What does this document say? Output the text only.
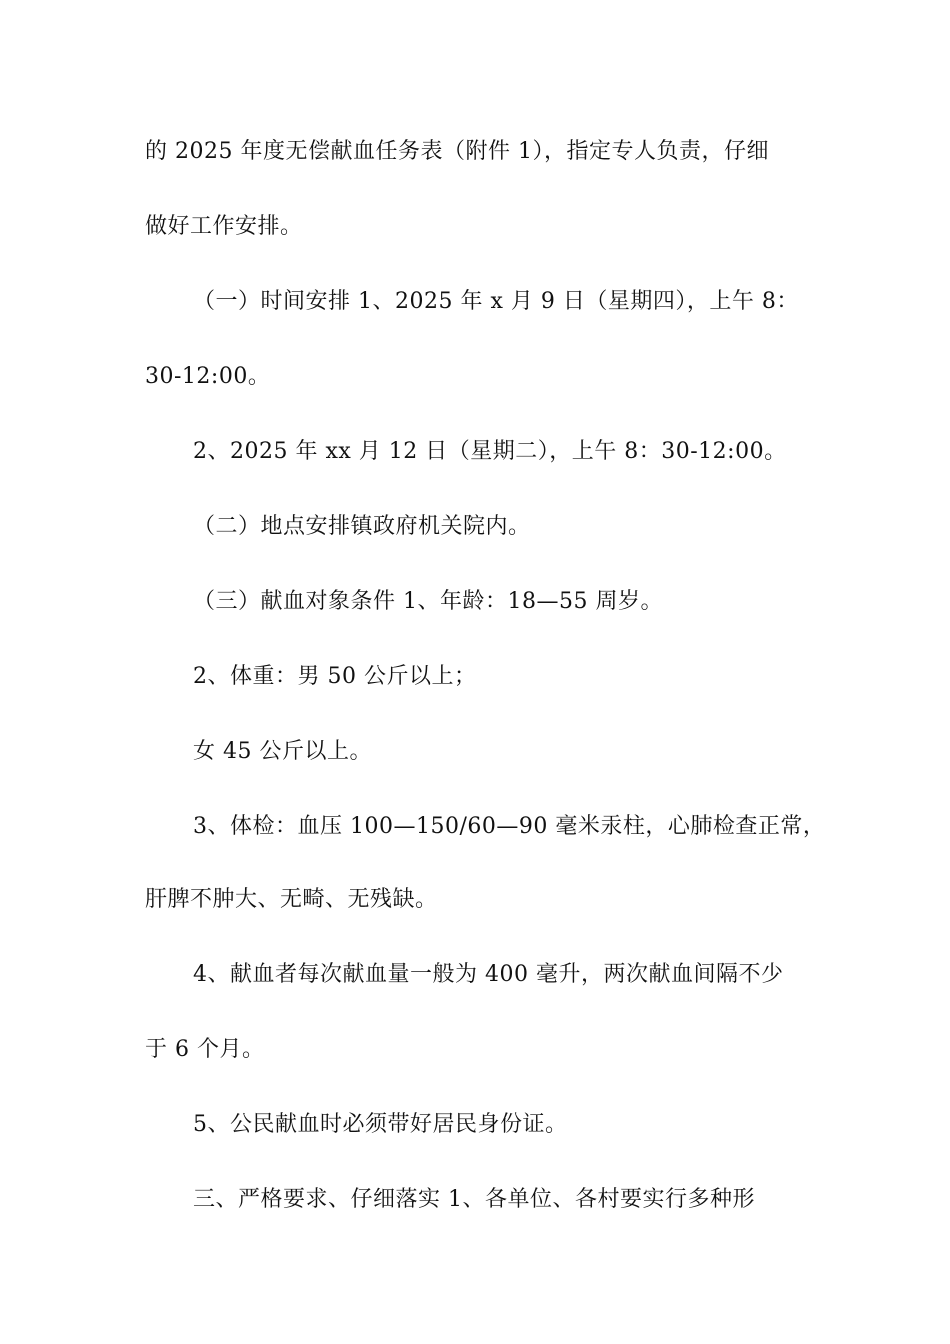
的 2025 年度无偿献血任务表（附件 1），指定专人负责，仔细
做好工作安排。
（一）时间安排 1、2025 年 x 月 9 日（星期四），上午 8：
30-12:00。
2、2025 年 xx 月 12 日（星期二），上午 8：30-12:00。
（二）地点安排镇政府机关院内。
（三）献血对象条件 1、年龄：18—55 周岁。
2、体重：男 50 公斤以上；
女 45 公斤以上。
3、体检：血压 100—150/60—90 毫米汞柱，心肺检查正常，
肝脾不肿大、无畸、无残缺。
4、献血者每次献血量一般为 400 毫升，两次献血间隔不少
于 6 个月。
5、公民献血时必须带好居民身份证。
三、严格要求、仔细落实 1、各单位、各村要实行多种形
